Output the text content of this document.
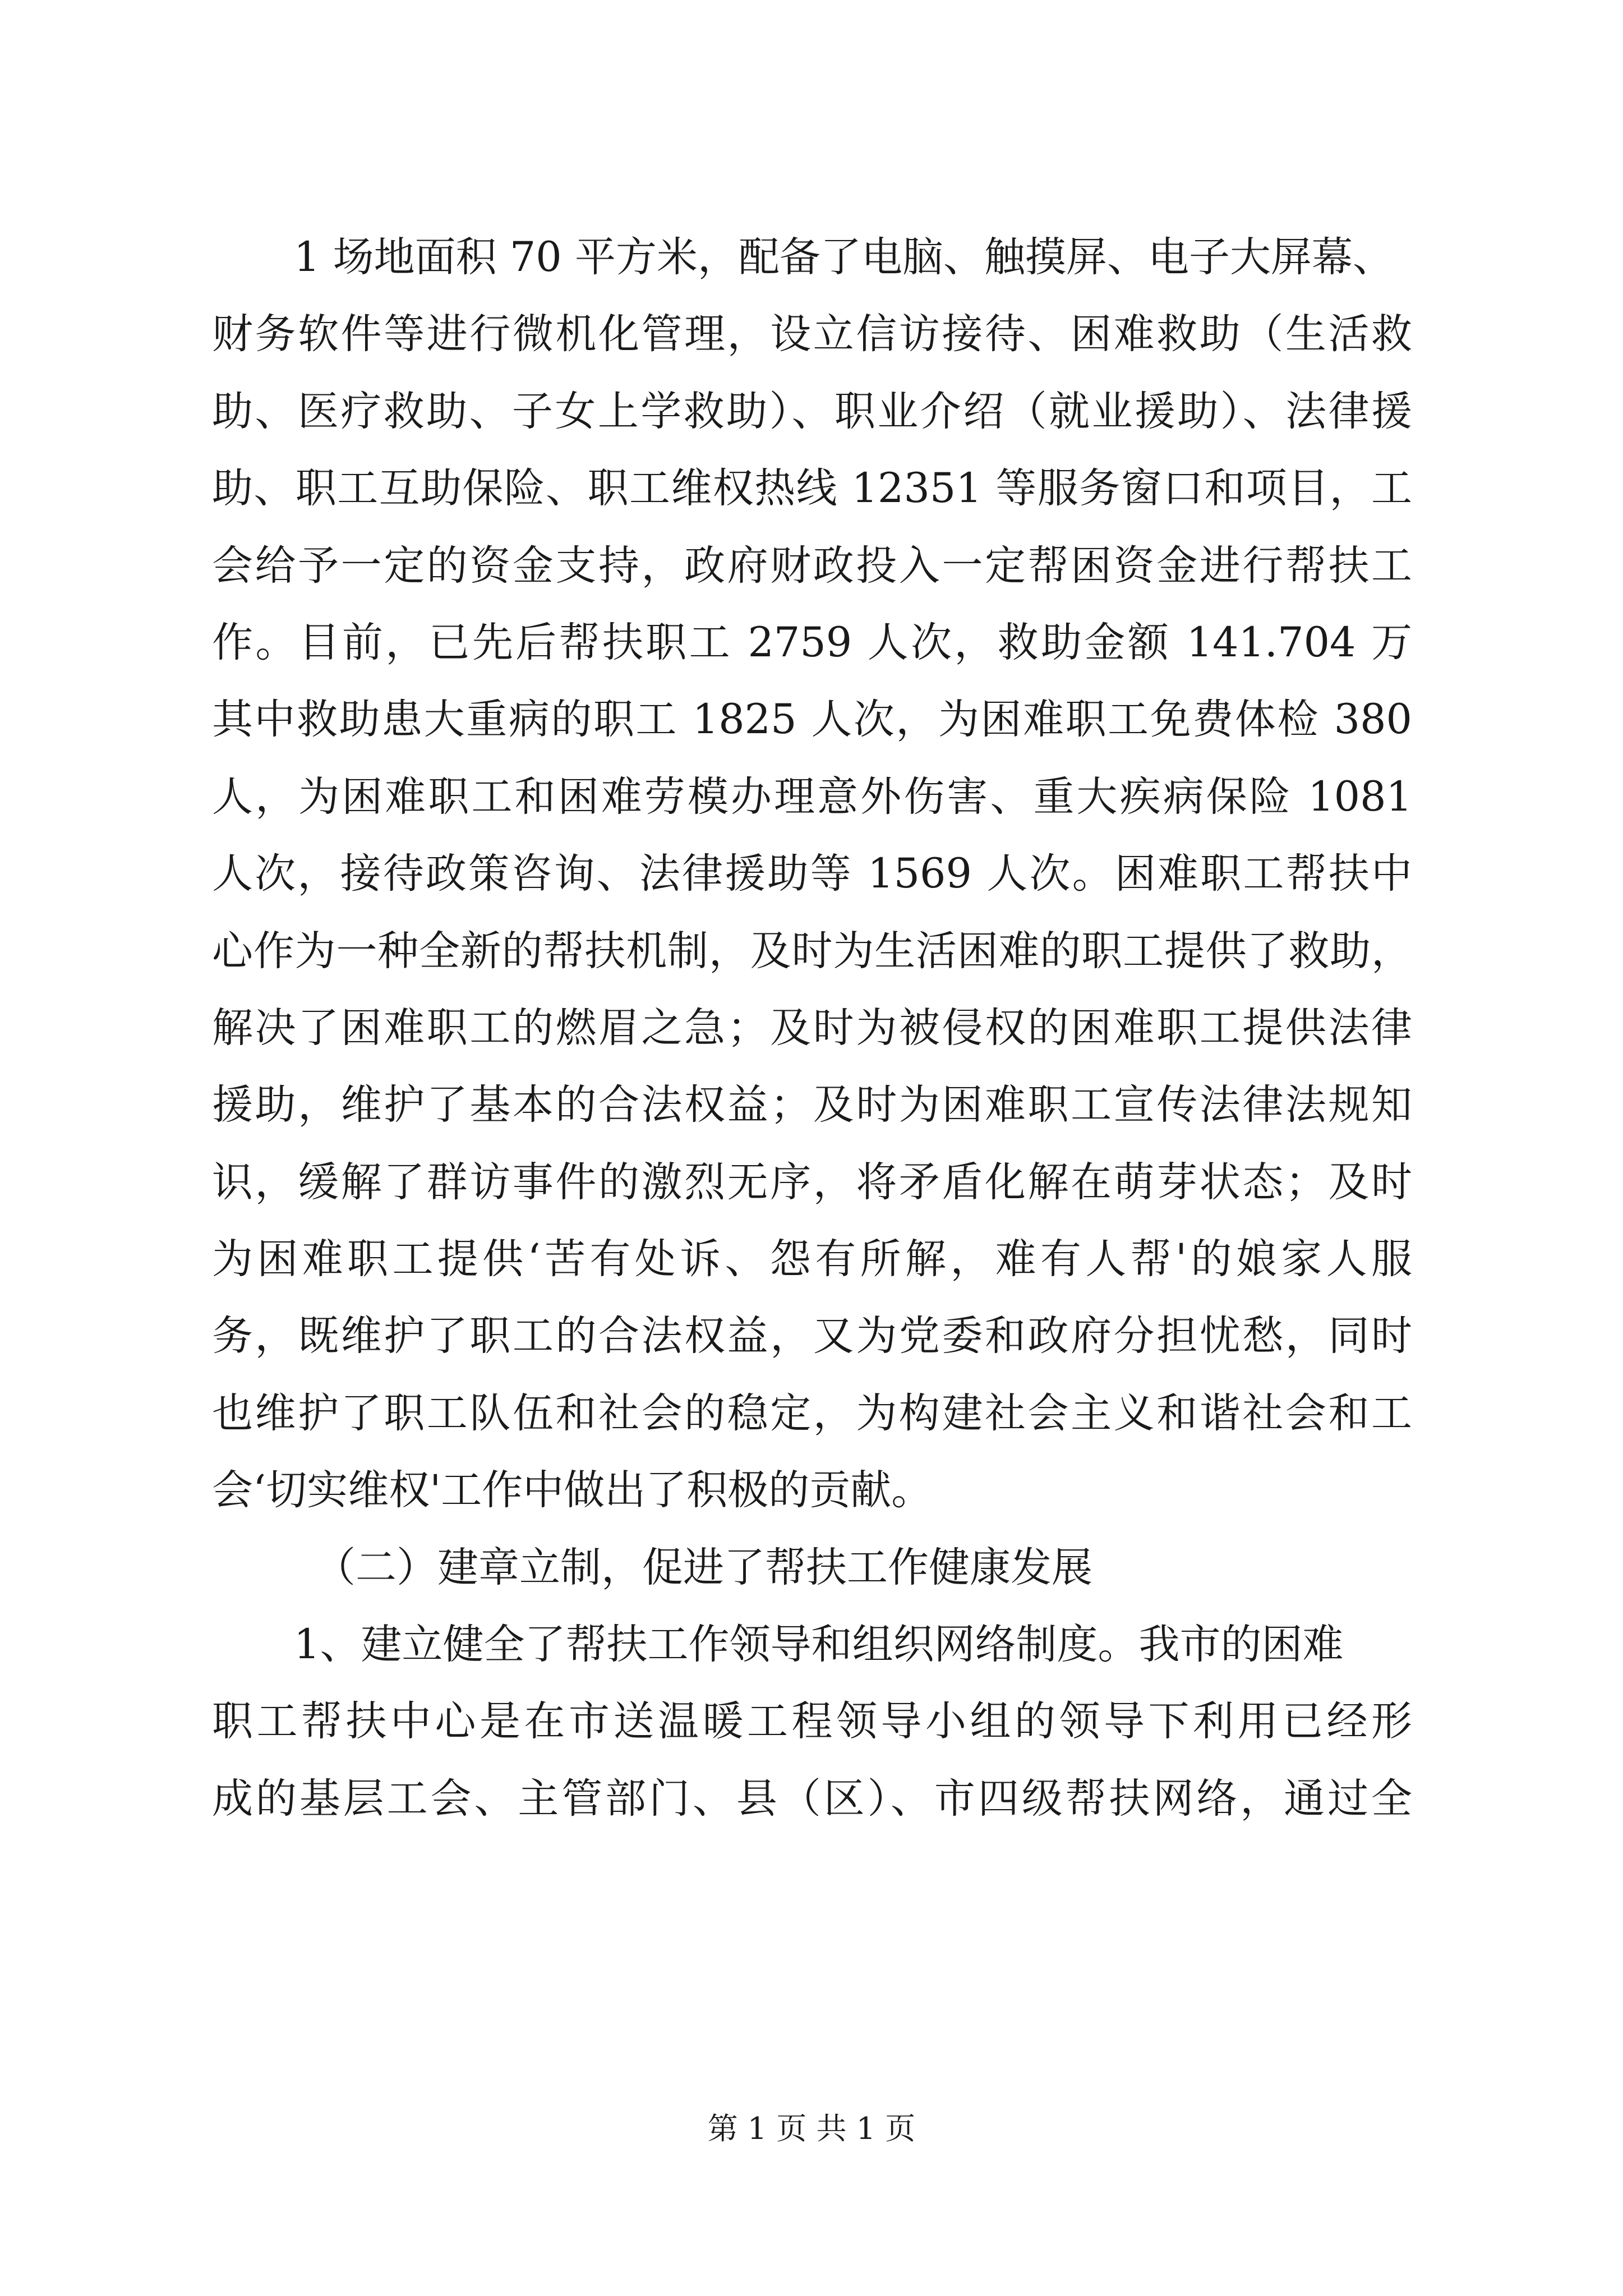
1 场地面积 70 平方米，配备了电脑、触摸屏、电子大屏幕、
财务软件等进行微机化管理，设立信访接待、困难救助（生活救
助、医疗救助、子女上学救助）、职业介绍（就业援助）、法律援
助、职工互助保险、职工维权热线 12351 等服务窗口和项目，工
会给予一定的资金支持，政府财政投入一定帮困资金进行帮扶工
作。目前，已先后帮扶职工 2759 人次，救助金额 141.704 万
其中救助患大重病的职工 1825 人次，为困难职工免费体检 380
人，为困难职工和困难劳模办理意外伤害、重大疾病保险 1081
人次，接待政策咨询、法律援助等 1569 人次。困难职工帮扶中
心作为一种全新的帮扶机制，及时为生活困难的职工提供了救助，
解决了困难职工的燃眉之急；及时为被侵权的困难职工提供法律
援助，维护了基本的合法权益；及时为困难职工宣传法律法规知
识，缓解了群访事件的激烈无序，将矛盾化解在萌芽状态；及时
为困难职工提供‘苦有处诉、怨有所解，难有人帮'的娘家人服
务，既维护了职工的合法权益，又为党委和政府分担忧愁，同时
也维护了职工队伍和社会的稳定，为构建社会主义和谐社会和工
会‘切实维权'工作中做出了积极的贡献。
（二）建章立制，促进了帮扶工作健康发展
1、建立健全了帮扶工作领导和组织网络制度。我市的困难
职工帮扶中心是在市送温暖工程领导小组的领导下利用已经形
成的基层工会、主管部门、县（区）、市四级帮扶网络，通过全
第 1 页 共 1 页
